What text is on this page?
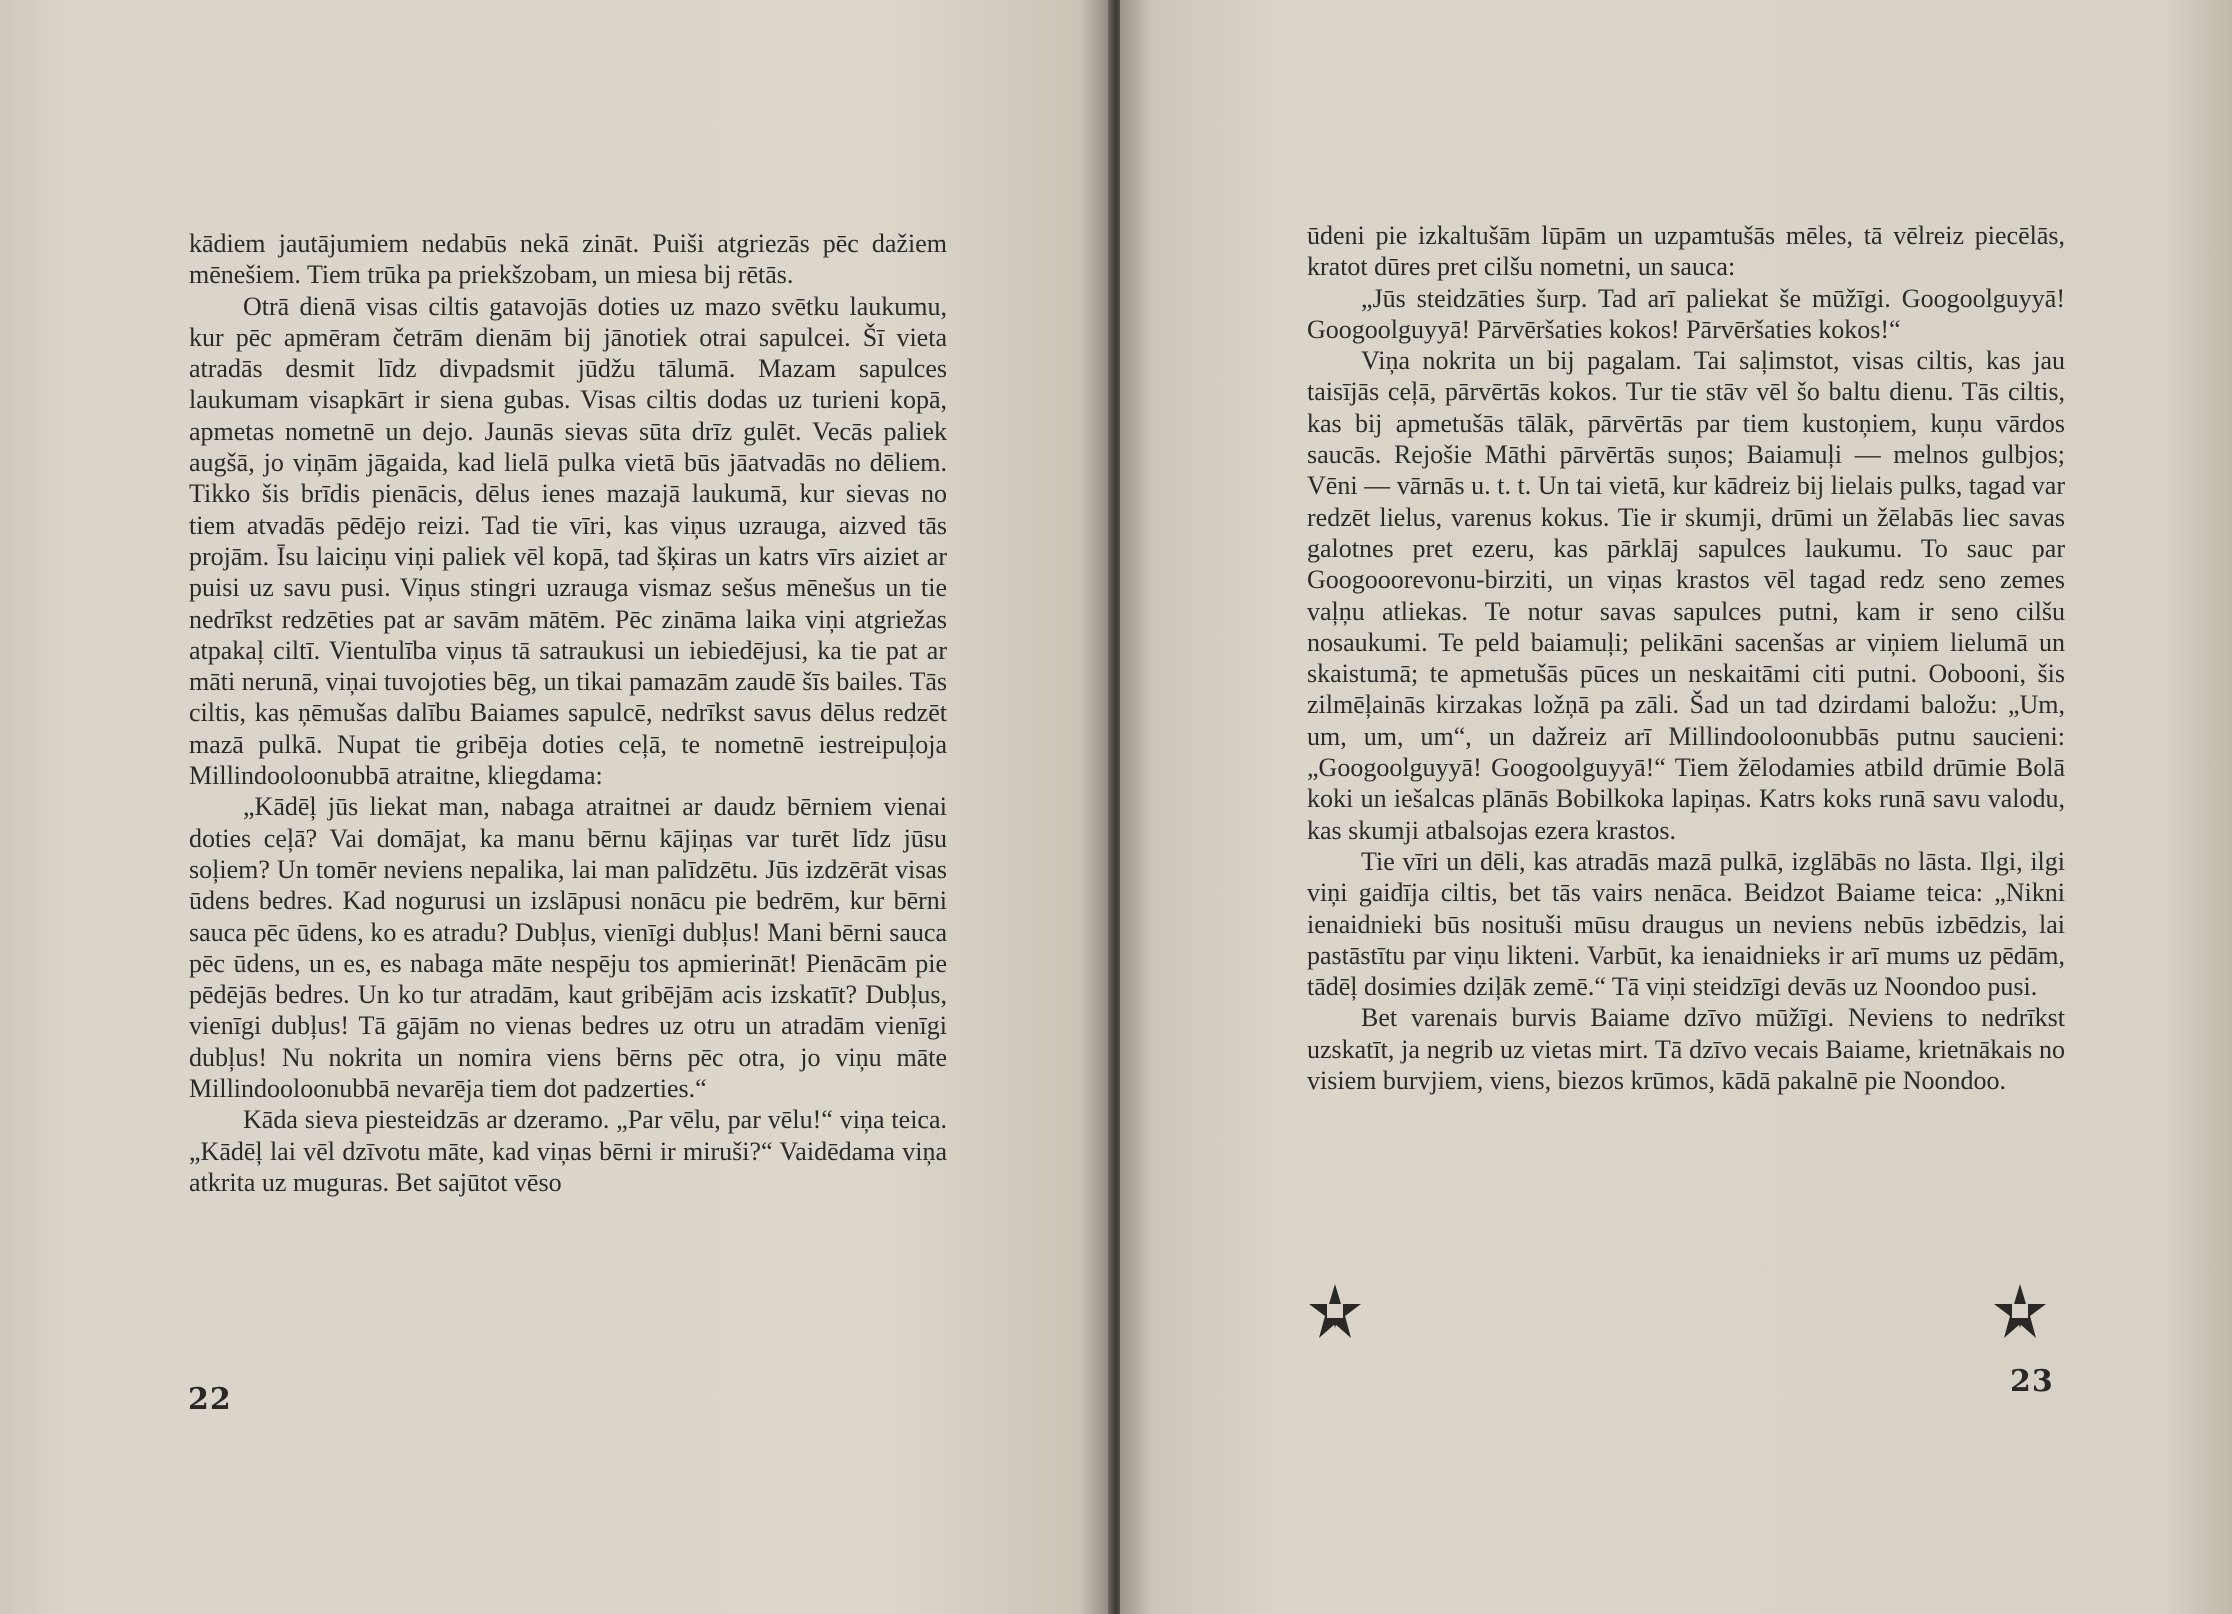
kādiem jautājumiem nedabūs nekā zināt. Puiši atgriezās pēc dažiem mēnešiem. Tiem trūka pa priekšzobam, un miesa bij rētās.

Otrā dienā visas ciltis gatavojās doties uz mazo svētku laukumu, kur pēc apmēram četrām dienām bij jānotiek otrai sapulcei. Šī vieta atradās desmit līdz divpadsmit jūdžu tālumā. Mazam sapulces laukumam visapkārt ir siena gubas. Visas ciltis dodas uz turieni kopā, apmetas nometnē un dejo. Jaunās sievas sūta drīz gulēt. Vecās paliek augšā, jo viņām jāgaida, kad lielā pulka vietā būs jāatvadās no dēliem. Tikko šis brīdis pienācis, dēlus ienes mazajā laukumā, kur sievas no tiem atvadās pēdējo reizi. Tad tie vīri, kas viņus uzrauga, aizved tās projām. Īsu laiciņu viņi paliek vēl kopā, tad šķiras un katrs vīrs aiziet ar puisi uz savu pusi. Viņus stingri uzrauga vismaz sešus mēnešus un tie nedrīkst redzēties pat ar savām mātēm. Pēc zināma laika viņi atgriežas atpakaļ ciltī. Vientulība viņus tā satraukusi un iebiedējusi, ka tie pat ar māti nerunā, viņai tuvojoties bēg, un tikai pamazām zaudē šīs bailes. Tās ciltis, kas ņēmušas dalību Baiames sapulcē, nedrīkst savus dēlus redzēt mazā pulkā. Nupat tie gribēja doties ceļā, te nometnē iestreipuļoja Millindooloonubbā atraitne, kliegdama:

„Kādēļ jūs liekat man, nabaga atraitnei ar daudz bērniem vienai doties ceļā? Vai domājat, ka manu bērnu kājiņas var turēt līdz jūsu soļiem? Un tomēr neviens nepalika, lai man palīdzētu. Jūs izdzērāt visas ūdens bedres. Kad nogurusi un izslāpusi nonācu pie bedrēm, kur bērni sauca pēc ūdens, ko es atradu? Dubļus, vienīgi dubļus! Mani bērni sauca pēc ūdens, un es, es nabaga māte nespēju tos apmierināt! Pienācām pie pēdējās bedres. Un ko tur atradām, kaut gribējām acis izskatīt? Dubļus, vienīgi dubļus! Tā gājām no vienas bedres uz otru un atradām vienīgi dubļus! Nu nokrita un nomira viens bērns pēc otra, jo viņu māte Millindooloonubbā nevarēja tiem dot padzerties.“

Kāda sieva piesteidzās ar dzeramo. „Par vēlu, par vēlu!“ viņa teica. „Kādēļ lai vēl dzīvotu māte, kad viņas bērni ir miruši?“ Vaidēdama viņa atkrita uz muguras. Bet sajūtot vēso

22

ūdeni pie izkaltušām lūpām un uzpamtušās mēles, tā vēlreiz piecēlās, kratot dūres pret cilšu nometni, un sauca:

„Jūs steidzāties šurp. Tad arī paliekat še mūžīgi. Googoolguyyā! Googoolguyyā! Pārvēršaties kokos! Pārvēršaties kokos!“

Viņa nokrita un bij pagalam. Tai saļimstot, visas ciltis, kas jau taisījās ceļā, pārvērtās kokos. Tur tie stāv vēl šo baltu dienu. Tās ciltis, kas bij apmetušās tālāk, pārvērtās par tiem kustoņiem, kuņu vārdos saucās. Rejošie Māthi pārvērtās suņos; Baiamuļi — melnos gulbjos; Vēni — vārnās u. t. t. Un tai vietā, kur kādreiz bij lielais pulks, tagad var redzēt lielus, varenus kokus. Tie ir skumji, drūmi un žēlabās liec savas galotnes pret ezeru, kas pārklāj sapulces laukumu. To sauc par Googooorevonu-birziti, un viņas krastos vēl tagad redz seno zemes vaļņu atliekas. Te notur savas sapulces putni, kam ir seno cilšu nosaukumi. Te peld baiamuļi; pelikāni sacenšas ar viņiem lielumā un skaistumā; te apmetušās pūces un neskaitāmi citi putni. Oobooni, šis zilmēļainās kirzakas ložņā pa zāli. Šad un tad dzirdami baložu: „Um, um, um, um“, un dažreiz arī Millindooloonubbās putnu saucieni: „Googoolguyyā! Googoolguyyā!“ Tiem žēlodamies atbild drūmie Bolā koki un iešalcas plānās Bobilkoka lapiņas. Katrs koks runā savu valodu, kas skumji atbalsojas ezera krastos.

Tie vīri un dēli, kas atradās mazā pulkā, izglābās no lāsta. Ilgi, ilgi viņi gaidīja ciltis, bet tās vairs nenāca. Beidzot Baiame teica: „Nikni ienaidnieki būs nosituši mūsu draugus un neviens nebūs izbēdzis, lai pastāstītu par viņu likteni. Varbūt, ka ienaidnieks ir arī mums uz pēdām, tādēļ dosimies dziļāk zemē.“ Tā viņi steidzīgi devās uz Noondoo pusi.

Bet varenais burvis Baiame dzīvo mūžīgi. Neviens to nedrīkst uzskatīt, ja negrib uz vietas mirt. Tā dzīvo vecais Baiame, krietnākais no visiem burvjiem, viens, biezos krūmos, kādā pakalnē pie Noondoo.

23
